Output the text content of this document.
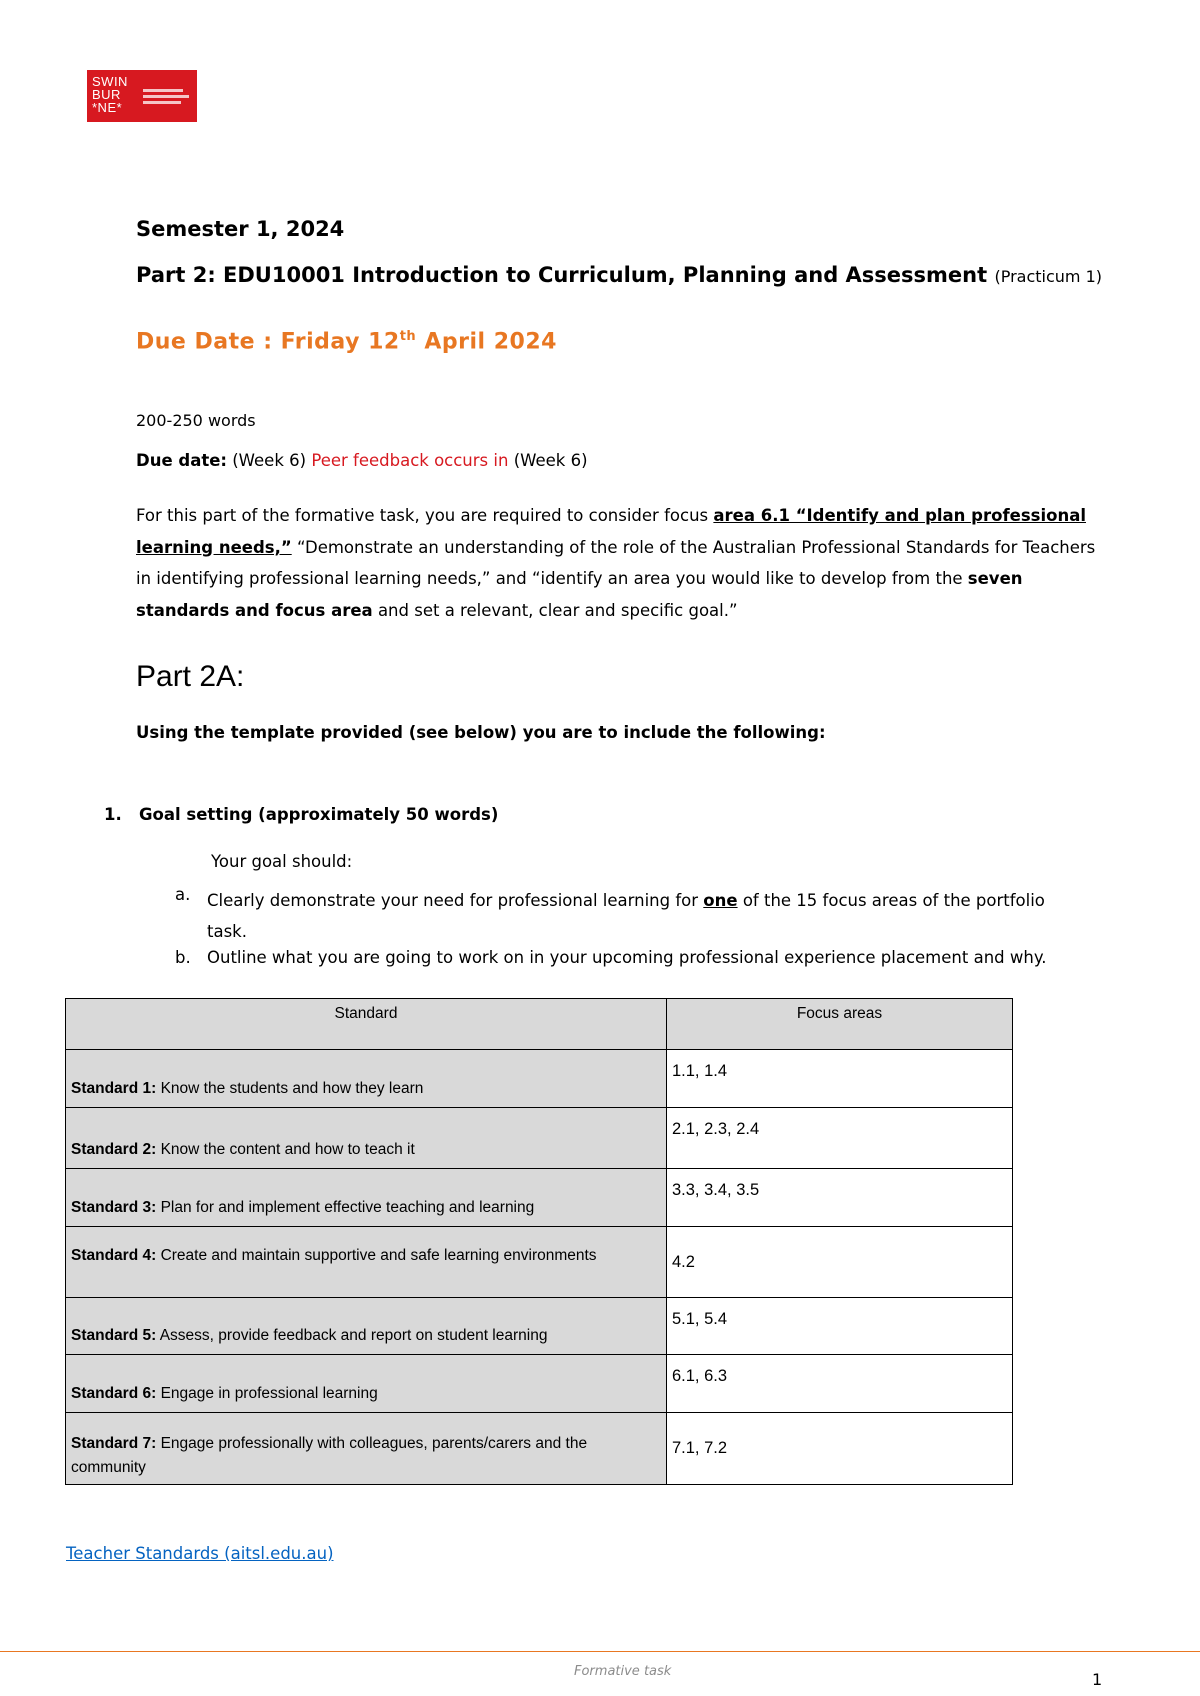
SWIN
BUR
*NE*
Semester 1, 2024
Part 2: EDU10001 Introduction to Curriculum, Planning and Assessment (Practicum 1)
Due Date : Friday 12th April 2024
200-250 words
Due date: (Week 6) Peer feedback occurs in (Week 6)
For this part of the formative task, you are required to consider focus area 6.1 “Identify and plan professional learning needs,” “Demonstrate an understanding of the role of the Australian Professional Standards for Teachers in identifying professional learning needs,” and “identify an area you would like to develop from the seven standards and focus area and set a relevant, clear and specific goal.”
Part 2A:
Using the template provided (see below) you are to include the following:
1. Goal setting (approximately 50 words)
Your goal should:
a. Clearly demonstrate your need for professional learning for one of the 15 focus areas of the portfolio task.
b. Outline what you are going to work on in your upcoming professional experience placement and why.
Standard	Focus areas
Standard 1: Know the students and how they learn	1.1, 1.4
Standard 2: Know the content and how to teach it	2.1, 2.3, 2.4
Standard 3: Plan for and implement effective teaching and learning	3.3, 3.4, 3.5
Standard 4: Create and maintain supportive and safe learning environments	4.2
Standard 5: Assess, provide feedback and report on student learning	5.1, 5.4
Standard 6: Engage in professional learning	6.1, 6.3
Standard 7: Engage professionally with colleagues, parents/carers and the community	7.1, 7.2
Teacher Standards (aitsl.edu.au)
Formative task	1
